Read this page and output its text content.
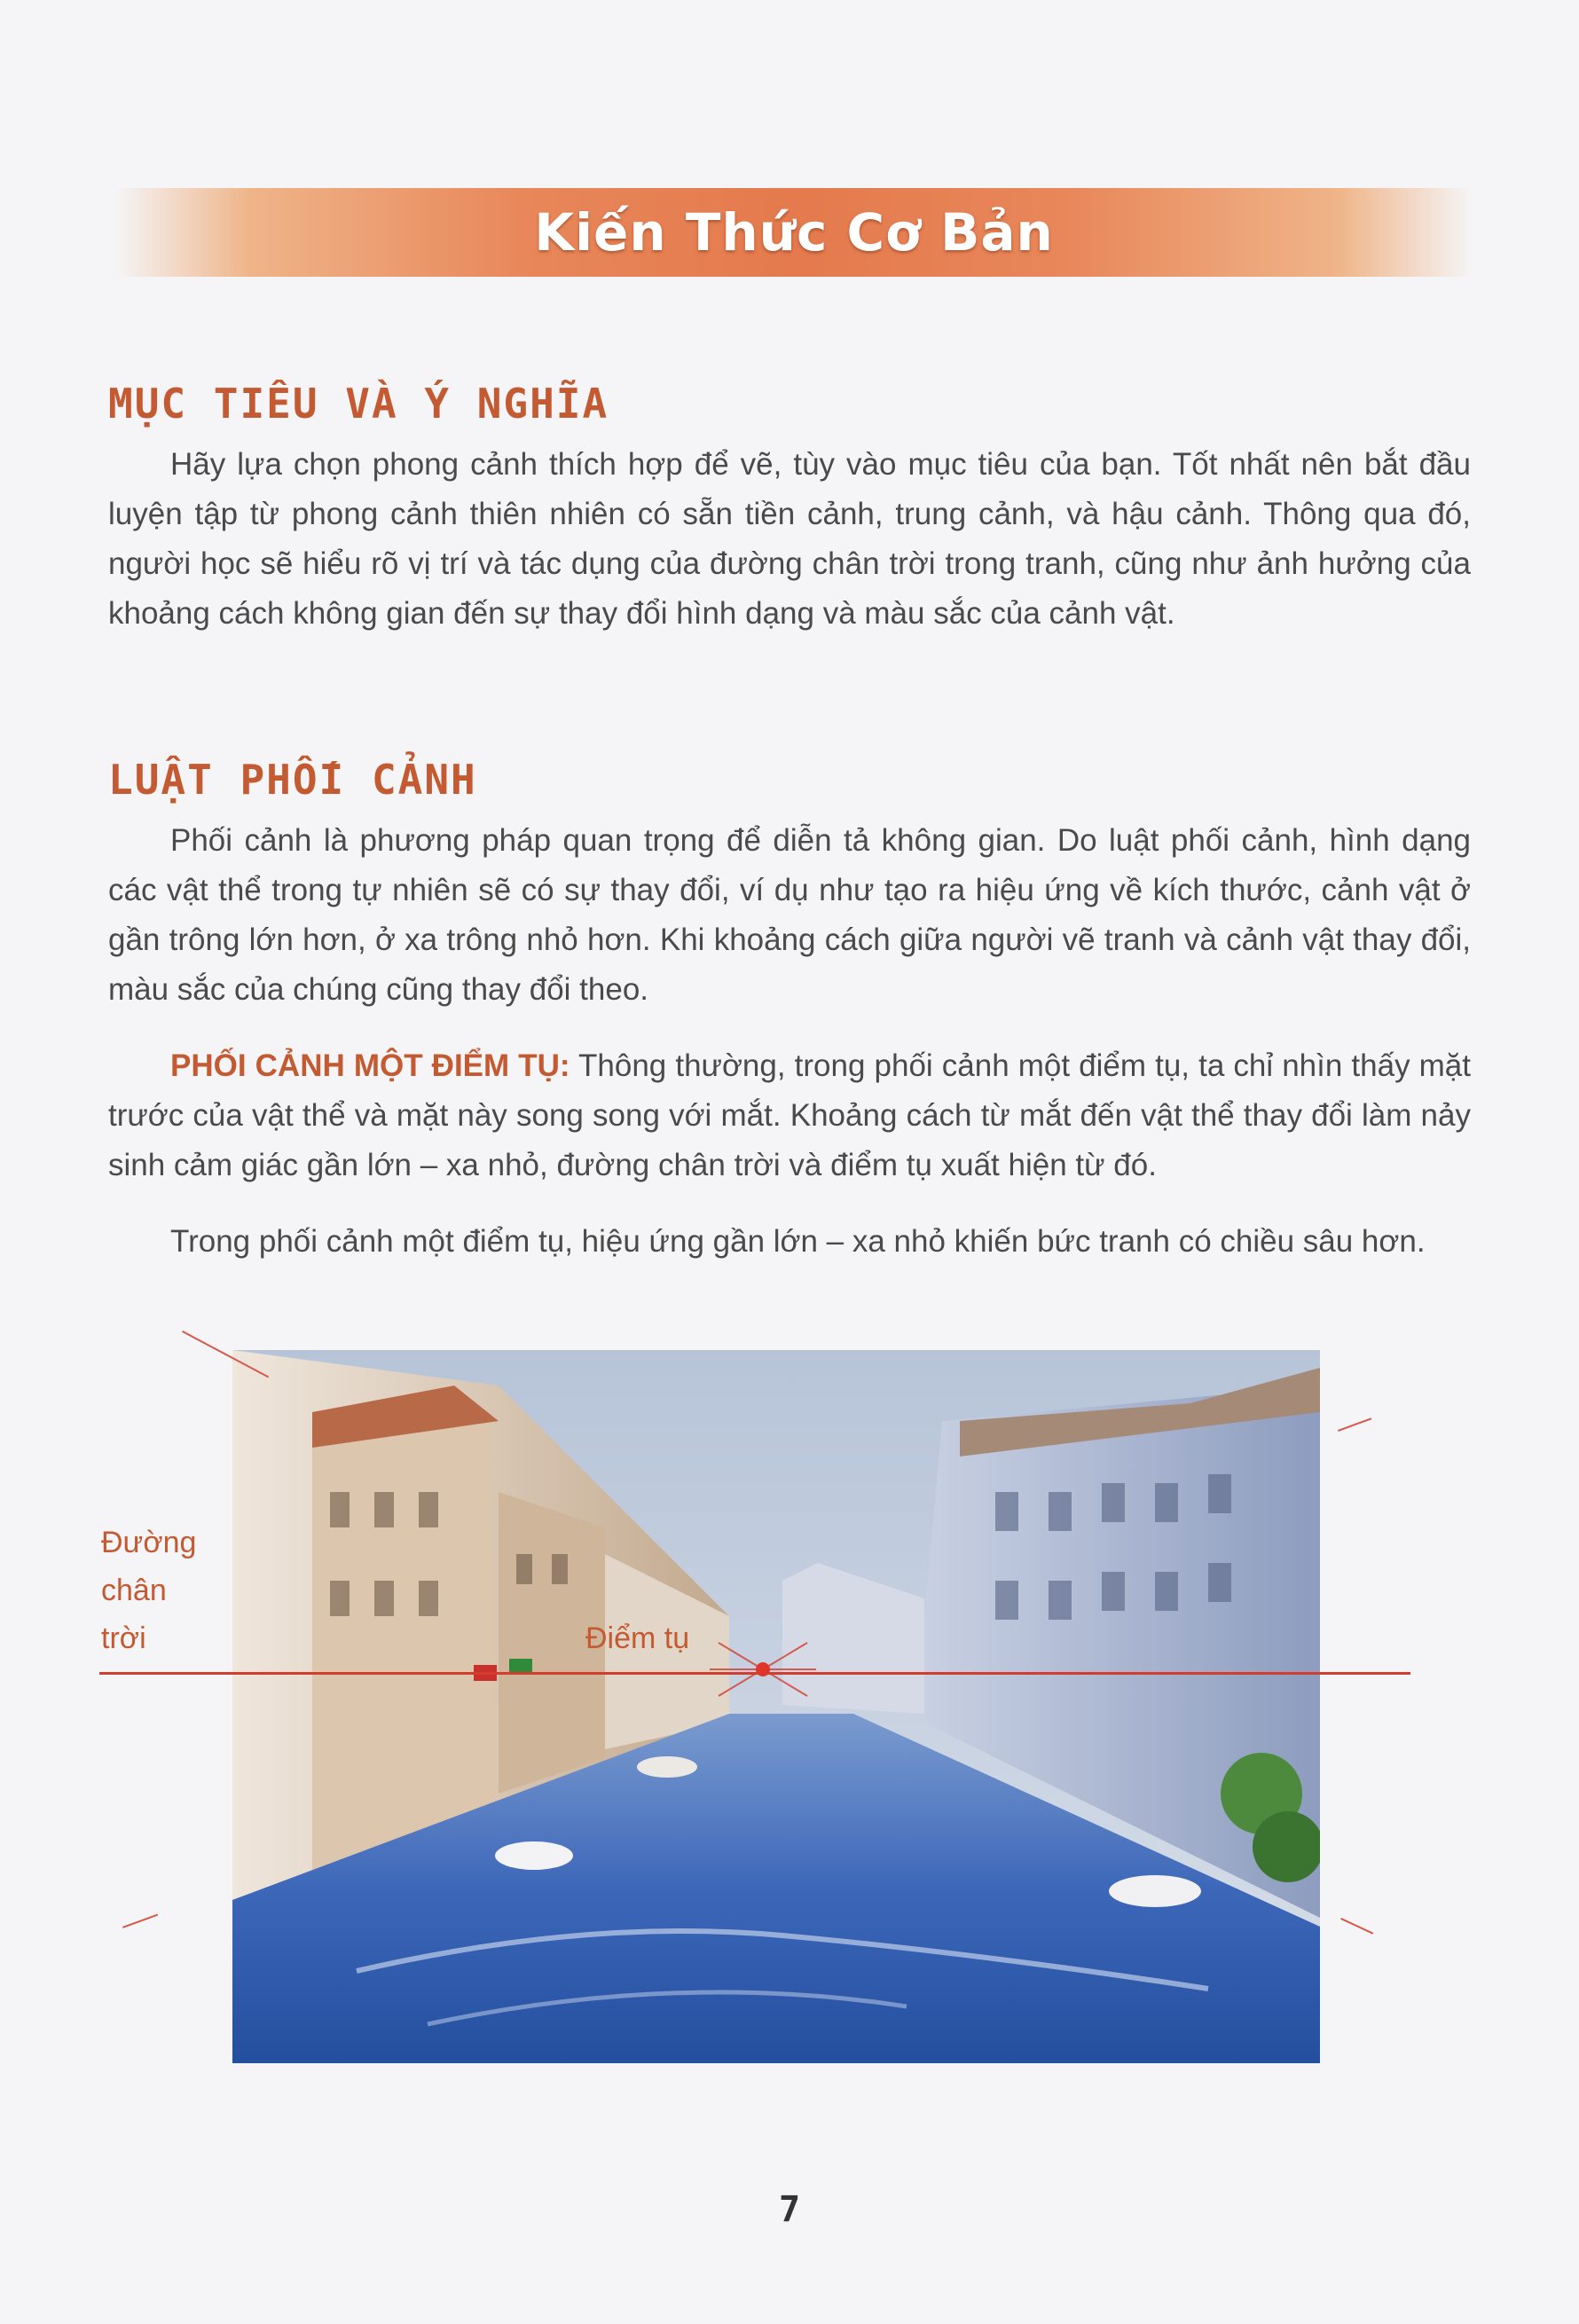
Kiến Thức Cơ Bản
MỤC TIÊU VÀ Ý NGHĨA

Hãy lựa chọn phong cảnh thích hợp để vẽ, tùy vào mục tiêu của bạn. Tốt nhất nên bắt đầu luyện tập từ phong cảnh thiên nhiên có sẵn tiền cảnh, trung cảnh, và hậu cảnh. Thông qua đó, người học sẽ hiểu rõ vị trí và tác dụng của đường chân trời trong tranh, cũng như ảnh hưởng của khoảng cách không gian đến sự thay đổi hình dạng và màu sắc của cảnh vật.

LUẬT PHỐI CẢNH

Phối cảnh là phương pháp quan trọng để diễn tả không gian. Do luật phối cảnh, hình dạng các vật thể trong tự nhiên sẽ có sự thay đổi, ví dụ như tạo ra hiệu ứng về kích thước, cảnh vật ở gần trông lớn hơn, ở xa trông nhỏ hơn. Khi khoảng cách giữa người vẽ tranh và cảnh vật thay đổi, màu sắc của chúng cũng thay đổi theo.

PHỐI CẢNH MỘT ĐIỂM TỤ: Thông thường, trong phối cảnh một điểm tụ, ta chỉ nhìn thấy mặt trước của vật thể và mặt này song song với mắt. Khoảng cách từ mắt đến vật thể thay đổi làm nảy sinh cảm giác gần lớn – xa nhỏ, đường chân trời và điểm tụ xuất hiện từ đó.

Trong phối cảnh một điểm tụ, hiệu ứng gần lớn – xa nhỏ khiến bức tranh có chiều sâu hơn.

Đường
chân
trời	Điểm tụ
7
